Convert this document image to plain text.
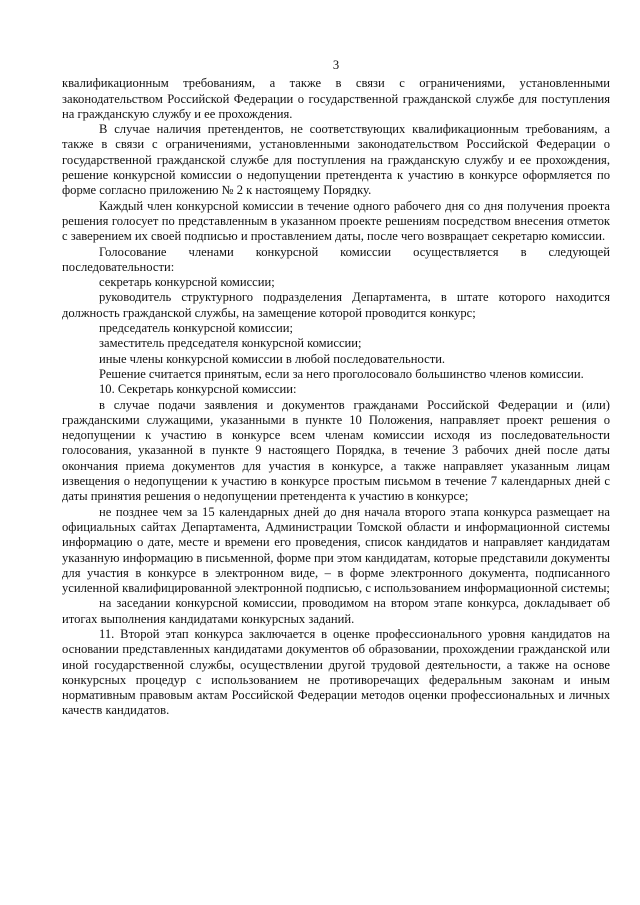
3

квалификационным требованиям, а также в связи с ограничениями, установленными законодательством Российской Федерации о государственной гражданской службе для поступления на гражданскую службу и ее прохождения.

В случае наличия претендентов, не соответствующих квалификационным требованиям, а также в связи с ограничениями, установленными законодательством Российской Федерации о государственной гражданской службе для поступления на гражданскую службу и ее прохождения, решение конкурсной комиссии о недопущении претендента к участию в конкурсе оформляется по форме согласно приложению № 2 к настоящему Порядку.

Каждый член конкурсной комиссии в течение одного рабочего дня со дня получения проекта решения голосует по представленным в указанном проекте решениям посредством внесения отметок с заверением их своей подписью и проставлением даты, после чего возвращает секретарю комиссии.

Голосование членами конкурсной комиссии осуществляется в следующей последовательности:

секретарь конкурсной комиссии;

руководитель структурного подразделения Департамента, в штате которого находится должность гражданской службы, на замещение которой проводится конкурс;

председатель конкурсной комиссии;

заместитель председателя конкурсной комиссии;

иные члены конкурсной комиссии в любой последовательности.

Решение считается принятым, если за него проголосовало большинство членов комиссии.

10. Секретарь конкурсной комиссии:

в случае подачи заявления и документов гражданами Российской Федерации и (или) гражданскими служащими, указанными в пункте 10 Положения, направляет проект решения о недопущении к участию в конкурсе всем членам комиссии исходя из последовательности голосования, указанной в пункте 9 настоящего Порядка, в течение 3 рабочих дней после даты окончания приема документов для участия в конкурсе, а также направляет указанным лицам извещения о недопущении к участию в конкурсе простым письмом в течение 7 календарных дней с даты принятия решения о недопущении претендента к участию в конкурсе;

не позднее чем за 15 календарных дней до дня начала второго этапа конкурса размещает на официальных сайтах Департамента, Администрации Томской области и информационной системы информацию о дате, месте и времени его проведения, список кандидатов и направляет кандидатам указанную информацию в письменной, форме при этом кандидатам, которые представили документы для участия в конкурсе в электронном виде, – в форме электронного документа, подписанного усиленной квалифицированной электронной подписью, с использованием информационной системы;

на заседании конкурсной комиссии, проводимом на втором этапе конкурса, докладывает об итогах выполнения кандидатами конкурсных заданий.

11. Второй этап конкурса заключается в оценке профессионального уровня кандидатов на основании представленных кандидатами документов об образовании, прохождении гражданской или иной государственной службы, осуществлении другой трудовой деятельности, а также на основе конкурсных процедур с использованием не противоречащих федеральным законам и иным нормативным правовым актам Российской Федерации методов оценки профессиональных и личных качеств кандидатов.
